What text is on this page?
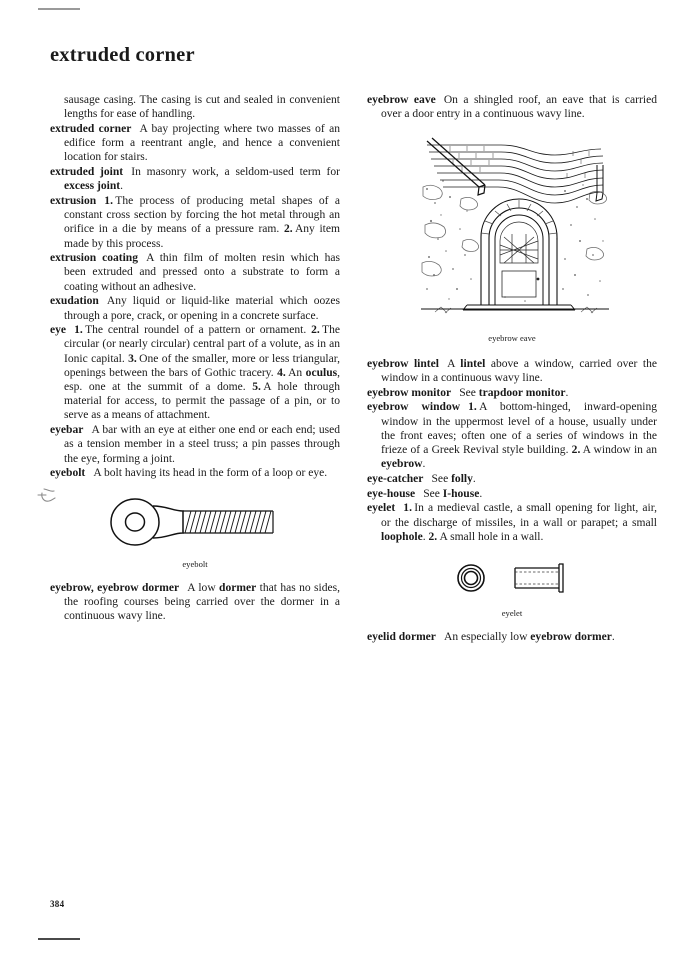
extruded corner
384

sausage casing. The casing is cut and sealed in convenient lengths for ease of handling.

extruded corner A bay projecting where two masses of an edifice form a reentrant angle, and hence a convenient location for stairs.

extruded joint In masonry work, a seldom-used term for excess joint.

extrusion 1. The process of producing metal shapes of a constant cross section by forcing the hot metal through an orifice in a die by means of a pressure ram. 2. Any item made by this process.

extrusion coating A thin film of molten resin which has been extruded and pressed onto a substrate to form a coating without an adhesive.

exudation Any liquid or liquid-like material which oozes through a pore, crack, or opening in a concrete surface.

eye 1. The central roundel of a pattern or ornament. 2. The circular (or nearly circular) central part of a volute, as in an Ionic capital. 3. One of the smaller, more or less triangular, openings between the bars of Gothic tracery. 4. An oculus, esp. one at the summit of a dome. 5. A hole through material for access, to permit the passage of a pin, or to serve as a means of attachment.

eyebar A bar with an eye at either one end or each end; used as a tension member in a steel truss; a pin passes through the eye, forming a joint.

eyebolt A bolt having its head in the form of a loop or eye.

eyebolt

eyebrow, eyebrow dormer A low dormer that has no sides, the roofing courses being carried over the dormer in a continuous wavy line.

eyebrow eave On a shingled roof, an eave that is carried over a door entry in a continuous wavy line.

eyebrow eave

eyebrow lintel A lintel above a window, carried over the window in a continuous wavy line.

eyebrow monitor See trapdoor monitor.

eyebrow window 1. A bottom-hinged, inward-opening window in the uppermost level of a house, usually under the front eaves; often one of a series of windows in the frieze of a Greek Revival style building. 2. A window in an eyebrow.

eye-catcher See folly.

eye-house See I-house.

eyelet 1. In a medieval castle, a small opening for light, air, or the discharge of missiles, in a wall or parapet; a small loophole. 2. A small hole in a wall.

eyelet

eyelid dormer An especially low eyebrow dormer.
